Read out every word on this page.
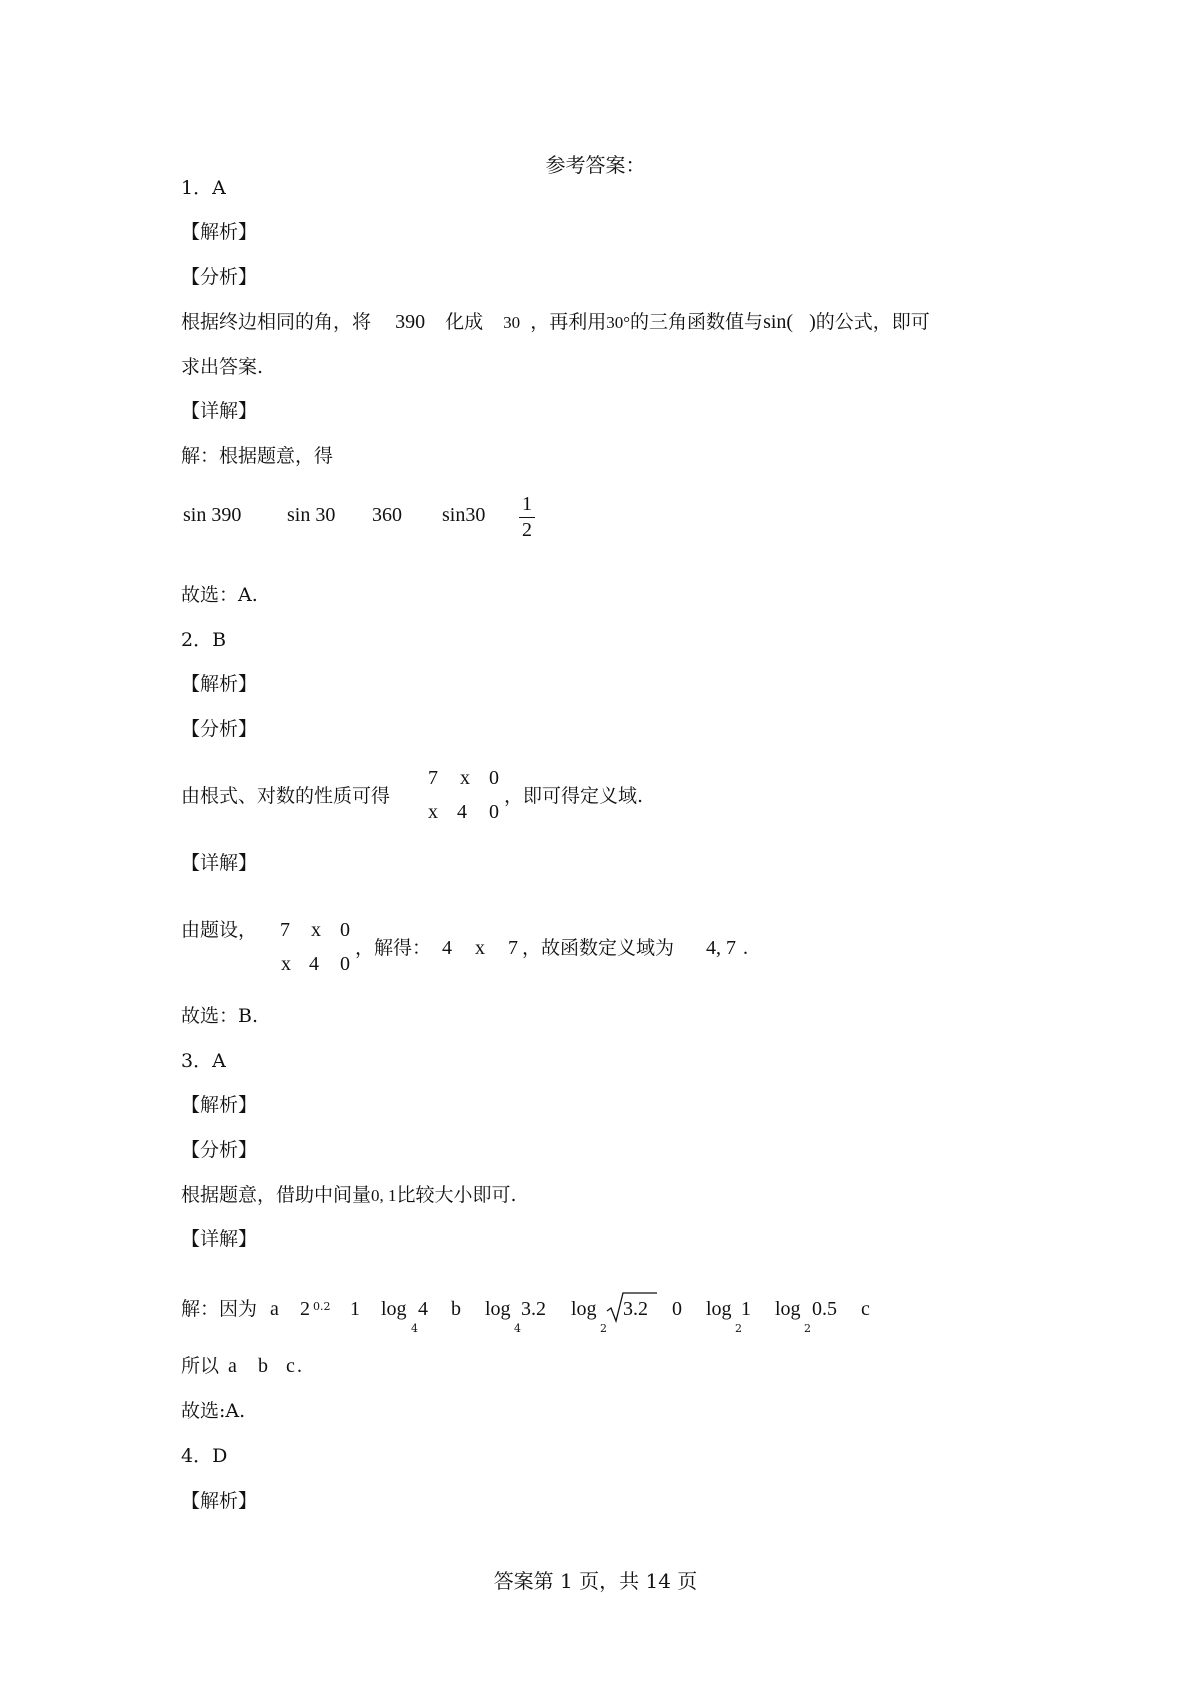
参考答案：
1．A
【解析】
【分析】
根据终边相同的角，将 390 化成 30 ，再利用30°的三角函数值与sin( )的公式，即可
求出答案.
【详解】
解：根据题意，得
sin 390 sin 30 360 sin30 1
2
故选：A.
2．B
【解析】
【分析】
由根式、对数的性质可得
7 x 0
x 4 0
，即可得定义域.
【详解】
由题设， 7 x 0
x 4 0
，解得： 4 x 7 ，故函数定义域为 4, 7 .
故选：B.
3．A
【解析】
【分析】
根据题意，借助中间量0, 1比较大小即可.
【详解】
解：因为 a 2 0.2 1 log
4
4 b log
4
3.2 log
2
3.2 0 log
2
1 log
2
0.5 c
所以 a b c .
故选:A.
4．D
【解析】
答案第 1 页，共 14 页
